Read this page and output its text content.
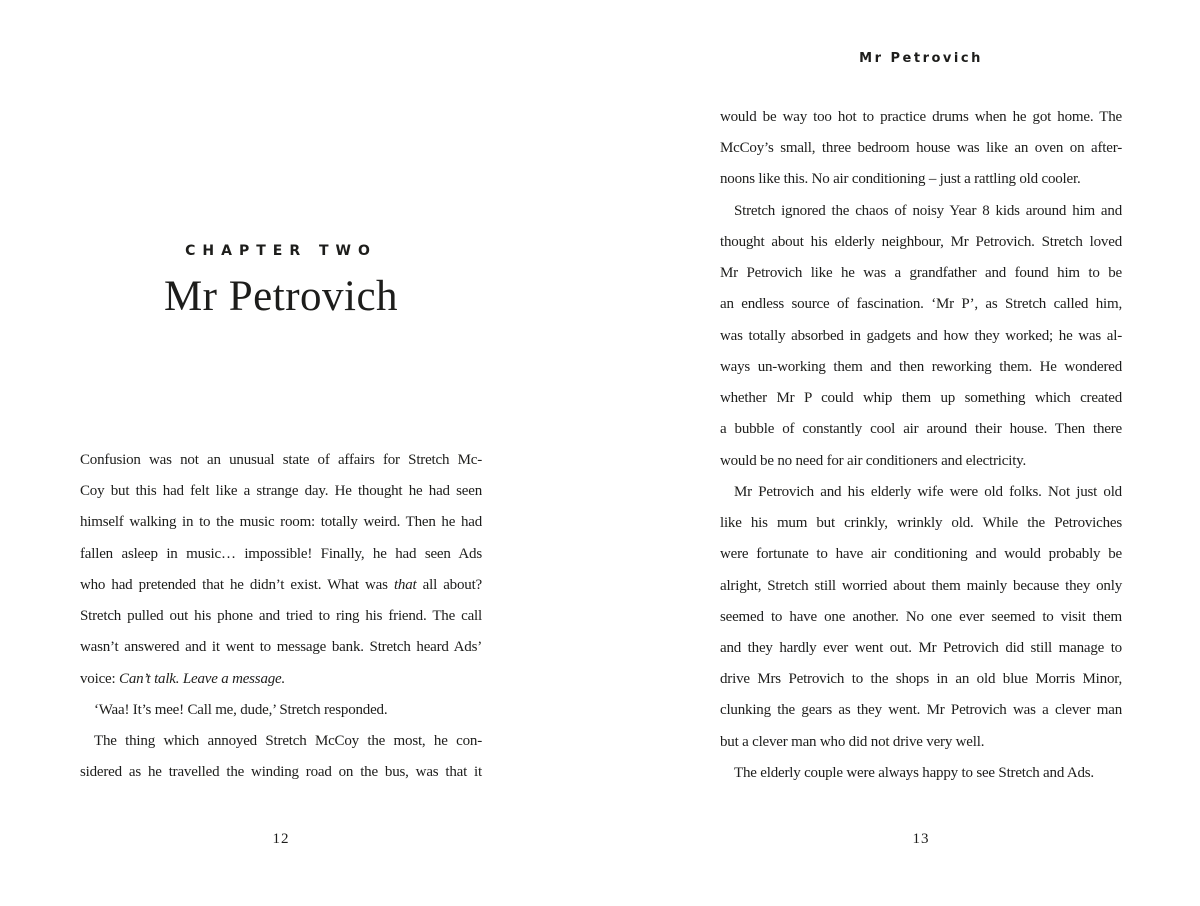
CHAPTER TWO
Mr Petrovich
Confusion was not an unusual state of affairs for Stretch Mc-
Coy but this had felt like a strange day. He thought he had seen
himself walking in to the music room: totally weird. Then he had
fallen asleep in music… impossible! Finally, he had seen Ads
who had pretended that he didn’t exist. What was that all about?
Stretch pulled out his phone and tried to ring his friend. The call
wasn’t answered and it went to message bank. Stretch heard Ads’
voice: Can’t talk. Leave a message.
‘Waa! It’s mee! Call me, dude,’ Stretch responded.
The thing which annoyed Stretch McCoy the most, he con-
sidered as he travelled the winding road on the bus, was that it
12
Mr Petrovich
would be way too hot to practice drums when he got home. The
McCoy’s small, three bedroom house was like an oven on after-
noons like this. No air conditioning – just a rattling old cooler.
Stretch ignored the chaos of noisy Year 8 kids around him and
thought about his elderly neighbour, Mr Petrovich. Stretch loved
Mr Petrovich like he was a grandfather and found him to be
an endless source of fascination. ‘Mr P’, as Stretch called him,
was totally absorbed in gadgets and how they worked; he was al-
ways un-working them and then reworking them. He wondered
whether Mr P could whip them up something which created
a bubble of constantly cool air around their house. Then there
would be no need for air conditioners and electricity.
Mr Petrovich and his elderly wife were old folks. Not just old
like his mum but crinkly, wrinkly old. While the Petroviches
were fortunate to have air conditioning and would probably be
alright, Stretch still worried about them mainly because they only
seemed to have one another. No one ever seemed to visit them
and they hardly ever went out. Mr Petrovich did still manage to
drive Mrs Petrovich to the shops in an old blue Morris Minor,
clunking the gears as they went. Mr Petrovich was a clever man
but a clever man who did not drive very well.
The elderly couple were always happy to see Stretch and Ads.
13
